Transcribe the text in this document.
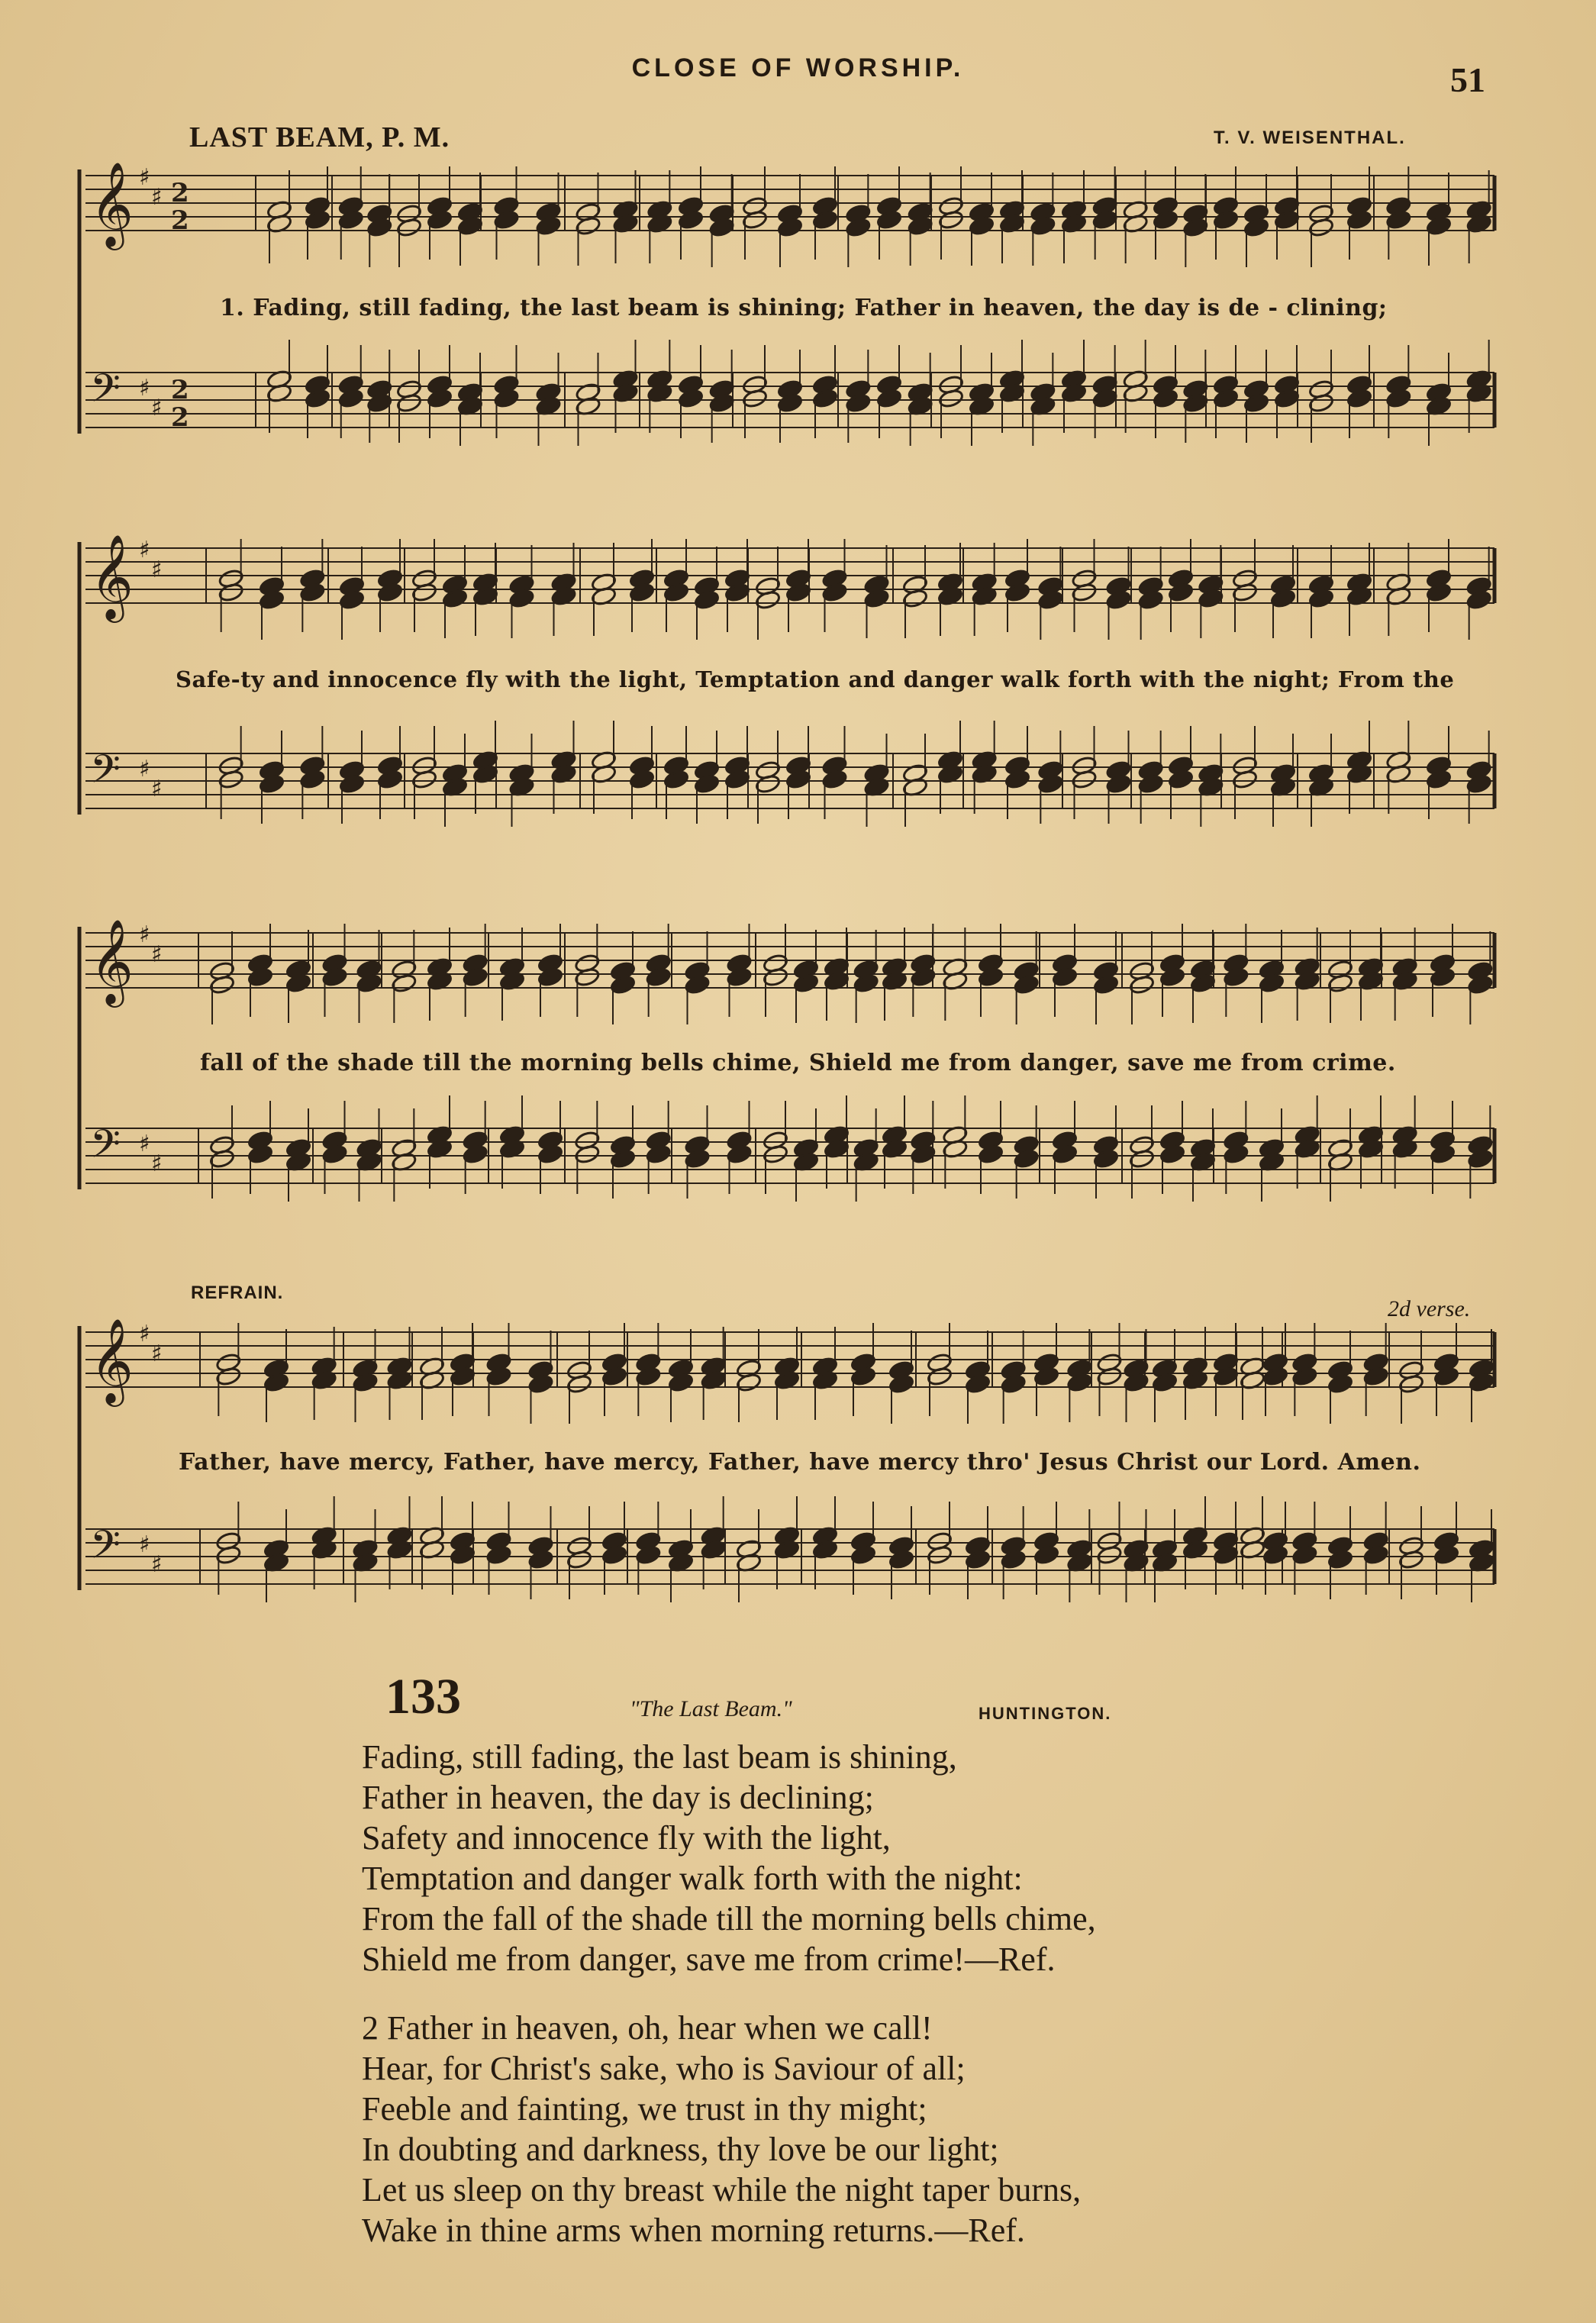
CLOSE OF WORSHIP.	51
LAST BEAM, P. M.	T. V. WEISENTHAL.
𝄞 ♯
♯ 2
2
𝄢 ♯
♯
2
2
𝄞 ♯
♯
𝄢 ♯
♯
𝄞 ♯
♯
𝄢 ♯
♯
𝄞 ♯
♯
𝄢 ♯
♯
REFRAIN.
2d verse.
1. Fading, still fading, the last beam is shining; Father in heaven, the day is de - clining;
Safe-ty and innocence fly with the light, Temptation and danger walk forth with the night; From the
fall of the shade till the morning bells chime, Shield me from danger, save me from crime.
Father, have mercy, Father, have mercy, Father, have mercy thro' Jesus Christ our Lord. Amen.
133	"The Last Beam."	HUNTINGTON.
Fading, still fading, the last beam is shining,
Father in heaven, the day is declining;
Safety and innocence fly with the light,
Temptation and danger walk forth with the night:
From the fall of the shade till the morning bells chime,
Shield me from danger, save me from crime!—Ref.
2 Father in heaven, oh, hear when we call!
Hear, for Christ's sake, who is Saviour of all;
Feeble and fainting, we trust in thy might;
In doubting and darkness, thy love be our light;
Let us sleep on thy breast while the night taper burns,
Wake in thine arms when morning returns.—Ref.
